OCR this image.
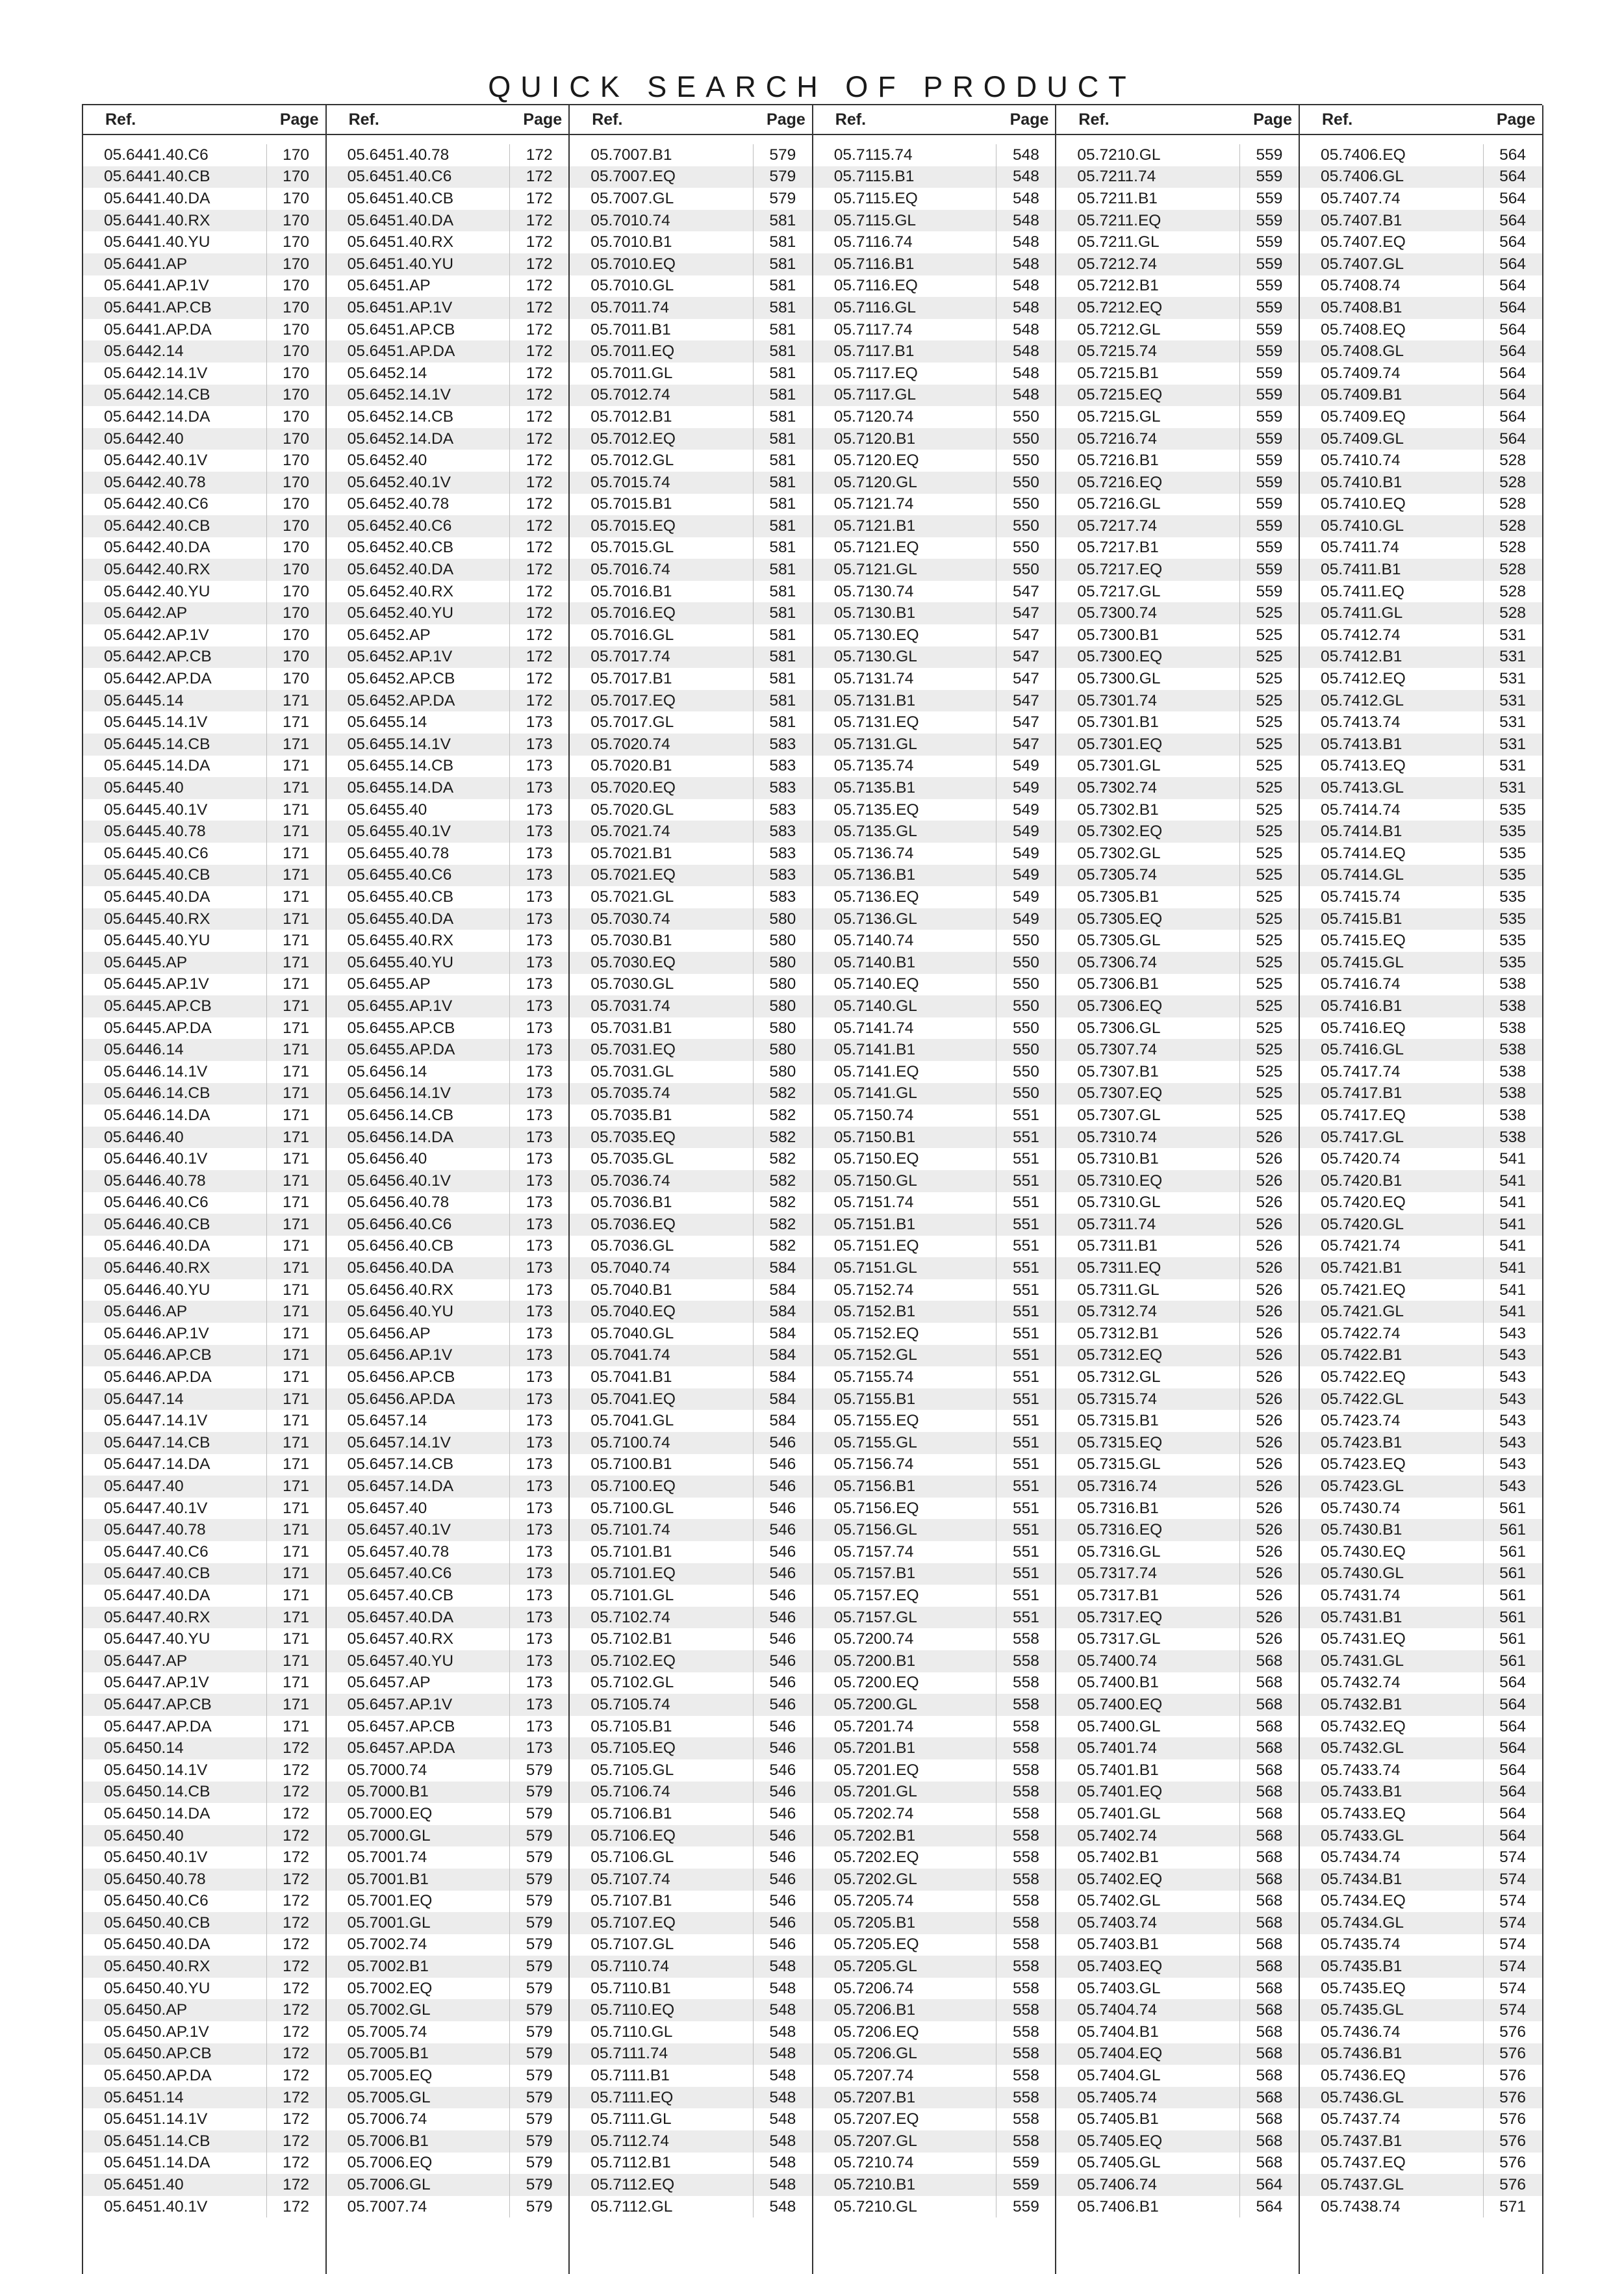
QUICK SEARCH OF PRODUCT
Ref.	Page
05.6441.40.C6	170
05.6441.40.CB	170
05.6441.40.DA	170
05.6441.40.RX	170
05.6441.40.YU	170
05.6441.AP	170
05.6441.AP.1V	170
05.6441.AP.CB	170
05.6441.AP.DA	170
05.6442.14	170
05.6442.14.1V	170
05.6442.14.CB	170
05.6442.14.DA	170
05.6442.40	170
05.6442.40.1V	170
05.6442.40.78	170
05.6442.40.C6	170
05.6442.40.CB	170
05.6442.40.DA	170
05.6442.40.RX	170
05.6442.40.YU	170
05.6442.AP	170
05.6442.AP.1V	170
05.6442.AP.CB	170
05.6442.AP.DA	170
05.6445.14	171
05.6445.14.1V	171
05.6445.14.CB	171
05.6445.14.DA	171
05.6445.40	171
05.6445.40.1V	171
05.6445.40.78	171
05.6445.40.C6	171
05.6445.40.CB	171
05.6445.40.DA	171
05.6445.40.RX	171
05.6445.40.YU	171
05.6445.AP	171
05.6445.AP.1V	171
05.6445.AP.CB	171
05.6445.AP.DA	171
05.6446.14	171
05.6446.14.1V	171
05.6446.14.CB	171
05.6446.14.DA	171
05.6446.40	171
05.6446.40.1V	171
05.6446.40.78	171
05.6446.40.C6	171
05.6446.40.CB	171
05.6446.40.DA	171
05.6446.40.RX	171
05.6446.40.YU	171
05.6446.AP	171
05.6446.AP.1V	171
05.6446.AP.CB	171
05.6446.AP.DA	171
05.6447.14	171
05.6447.14.1V	171
05.6447.14.CB	171
05.6447.14.DA	171
05.6447.40	171
05.6447.40.1V	171
05.6447.40.78	171
05.6447.40.C6	171
05.6447.40.CB	171
05.6447.40.DA	171
05.6447.40.RX	171
05.6447.40.YU	171
05.6447.AP	171
05.6447.AP.1V	171
05.6447.AP.CB	171
05.6447.AP.DA	171
05.6450.14	172
05.6450.14.1V	172
05.6450.14.CB	172
05.6450.14.DA	172
05.6450.40	172
05.6450.40.1V	172
05.6450.40.78	172
05.6450.40.C6	172
05.6450.40.CB	172
05.6450.40.DA	172
05.6450.40.RX	172
05.6450.40.YU	172
05.6450.AP	172
05.6450.AP.1V	172
05.6450.AP.CB	172
05.6450.AP.DA	172
05.6451.14	172
05.6451.14.1V	172
05.6451.14.CB	172
05.6451.14.DA	172
05.6451.40	172
05.6451.40.1V	172
Ref.	Page
05.6451.40.78	172
05.6451.40.C6	172
05.6451.40.CB	172
05.6451.40.DA	172
05.6451.40.RX	172
05.6451.40.YU	172
05.6451.AP	172
05.6451.AP.1V	172
05.6451.AP.CB	172
05.6451.AP.DA	172
05.6452.14	172
05.6452.14.1V	172
05.6452.14.CB	172
05.6452.14.DA	172
05.6452.40	172
05.6452.40.1V	172
05.6452.40.78	172
05.6452.40.C6	172
05.6452.40.CB	172
05.6452.40.DA	172
05.6452.40.RX	172
05.6452.40.YU	172
05.6452.AP	172
05.6452.AP.1V	172
05.6452.AP.CB	172
05.6452.AP.DA	172
05.6455.14	173
05.6455.14.1V	173
05.6455.14.CB	173
05.6455.14.DA	173
05.6455.40	173
05.6455.40.1V	173
05.6455.40.78	173
05.6455.40.C6	173
05.6455.40.CB	173
05.6455.40.DA	173
05.6455.40.RX	173
05.6455.40.YU	173
05.6455.AP	173
05.6455.AP.1V	173
05.6455.AP.CB	173
05.6455.AP.DA	173
05.6456.14	173
05.6456.14.1V	173
05.6456.14.CB	173
05.6456.14.DA	173
05.6456.40	173
05.6456.40.1V	173
05.6456.40.78	173
05.6456.40.C6	173
05.6456.40.CB	173
05.6456.40.DA	173
05.6456.40.RX	173
05.6456.40.YU	173
05.6456.AP	173
05.6456.AP.1V	173
05.6456.AP.CB	173
05.6456.AP.DA	173
05.6457.14	173
05.6457.14.1V	173
05.6457.14.CB	173
05.6457.14.DA	173
05.6457.40	173
05.6457.40.1V	173
05.6457.40.78	173
05.6457.40.C6	173
05.6457.40.CB	173
05.6457.40.DA	173
05.6457.40.RX	173
05.6457.40.YU	173
05.6457.AP	173
05.6457.AP.1V	173
05.6457.AP.CB	173
05.6457.AP.DA	173
05.7000.74	579
05.7000.B1	579
05.7000.EQ	579
05.7000.GL	579
05.7001.74	579
05.7001.B1	579
05.7001.EQ	579
05.7001.GL	579
05.7002.74	579
05.7002.B1	579
05.7002.EQ	579
05.7002.GL	579
05.7005.74	579
05.7005.B1	579
05.7005.EQ	579
05.7005.GL	579
05.7006.74	579
05.7006.B1	579
05.7006.EQ	579
05.7006.GL	579
05.7007.74	579
Ref.	Page
05.7007.B1	579
05.7007.EQ	579
05.7007.GL	579
05.7010.74	581
05.7010.B1	581
05.7010.EQ	581
05.7010.GL	581
05.7011.74	581
05.7011.B1	581
05.7011.EQ	581
05.7011.GL	581
05.7012.74	581
05.7012.B1	581
05.7012.EQ	581
05.7012.GL	581
05.7015.74	581
05.7015.B1	581
05.7015.EQ	581
05.7015.GL	581
05.7016.74	581
05.7016.B1	581
05.7016.EQ	581
05.7016.GL	581
05.7017.74	581
05.7017.B1	581
05.7017.EQ	581
05.7017.GL	581
05.7020.74	583
05.7020.B1	583
05.7020.EQ	583
05.7020.GL	583
05.7021.74	583
05.7021.B1	583
05.7021.EQ	583
05.7021.GL	583
05.7030.74	580
05.7030.B1	580
05.7030.EQ	580
05.7030.GL	580
05.7031.74	580
05.7031.B1	580
05.7031.EQ	580
05.7031.GL	580
05.7035.74	582
05.7035.B1	582
05.7035.EQ	582
05.7035.GL	582
05.7036.74	582
05.7036.B1	582
05.7036.EQ	582
05.7036.GL	582
05.7040.74	584
05.7040.B1	584
05.7040.EQ	584
05.7040.GL	584
05.7041.74	584
05.7041.B1	584
05.7041.EQ	584
05.7041.GL	584
05.7100.74	546
05.7100.B1	546
05.7100.EQ	546
05.7100.GL	546
05.7101.74	546
05.7101.B1	546
05.7101.EQ	546
05.7101.GL	546
05.7102.74	546
05.7102.B1	546
05.7102.EQ	546
05.7102.GL	546
05.7105.74	546
05.7105.B1	546
05.7105.EQ	546
05.7105.GL	546
05.7106.74	546
05.7106.B1	546
05.7106.EQ	546
05.7106.GL	546
05.7107.74	546
05.7107.B1	546
05.7107.EQ	546
05.7107.GL	546
05.7110.74	548
05.7110.B1	548
05.7110.EQ	548
05.7110.GL	548
05.7111.74	548
05.7111.B1	548
05.7111.EQ	548
05.7111.GL	548
05.7112.74	548
05.7112.B1	548
05.7112.EQ	548
05.7112.GL	548
Ref.	Page
05.7115.74	548
05.7115.B1	548
05.7115.EQ	548
05.7115.GL	548
05.7116.74	548
05.7116.B1	548
05.7116.EQ	548
05.7116.GL	548
05.7117.74	548
05.7117.B1	548
05.7117.EQ	548
05.7117.GL	548
05.7120.74	550
05.7120.B1	550
05.7120.EQ	550
05.7120.GL	550
05.7121.74	550
05.7121.B1	550
05.7121.EQ	550
05.7121.GL	550
05.7130.74	547
05.7130.B1	547
05.7130.EQ	547
05.7130.GL	547
05.7131.74	547
05.7131.B1	547
05.7131.EQ	547
05.7131.GL	547
05.7135.74	549
05.7135.B1	549
05.7135.EQ	549
05.7135.GL	549
05.7136.74	549
05.7136.B1	549
05.7136.EQ	549
05.7136.GL	549
05.7140.74	550
05.7140.B1	550
05.7140.EQ	550
05.7140.GL	550
05.7141.74	550
05.7141.B1	550
05.7141.EQ	550
05.7141.GL	550
05.7150.74	551
05.7150.B1	551
05.7150.EQ	551
05.7150.GL	551
05.7151.74	551
05.7151.B1	551
05.7151.EQ	551
05.7151.GL	551
05.7152.74	551
05.7152.B1	551
05.7152.EQ	551
05.7152.GL	551
05.7155.74	551
05.7155.B1	551
05.7155.EQ	551
05.7155.GL	551
05.7156.74	551
05.7156.B1	551
05.7156.EQ	551
05.7156.GL	551
05.7157.74	551
05.7157.B1	551
05.7157.EQ	551
05.7157.GL	551
05.7200.74	558
05.7200.B1	558
05.7200.EQ	558
05.7200.GL	558
05.7201.74	558
05.7201.B1	558
05.7201.EQ	558
05.7201.GL	558
05.7202.74	558
05.7202.B1	558
05.7202.EQ	558
05.7202.GL	558
05.7205.74	558
05.7205.B1	558
05.7205.EQ	558
05.7205.GL	558
05.7206.74	558
05.7206.B1	558
05.7206.EQ	558
05.7206.GL	558
05.7207.74	558
05.7207.B1	558
05.7207.EQ	558
05.7207.GL	558
05.7210.74	559
05.7210.B1	559
05.7210.GL	559
Ref.	Page
05.7210.GL	559
05.7211.74	559
05.7211.B1	559
05.7211.EQ	559
05.7211.GL	559
05.7212.74	559
05.7212.B1	559
05.7212.EQ	559
05.7212.GL	559
05.7215.74	559
05.7215.B1	559
05.7215.EQ	559
05.7215.GL	559
05.7216.74	559
05.7216.B1	559
05.7216.EQ	559
05.7216.GL	559
05.7217.74	559
05.7217.B1	559
05.7217.EQ	559
05.7217.GL	559
05.7300.74	525
05.7300.B1	525
05.7300.EQ	525
05.7300.GL	525
05.7301.74	525
05.7301.B1	525
05.7301.EQ	525
05.7301.GL	525
05.7302.74	525
05.7302.B1	525
05.7302.EQ	525
05.7302.GL	525
05.7305.74	525
05.7305.B1	525
05.7305.EQ	525
05.7305.GL	525
05.7306.74	525
05.7306.B1	525
05.7306.EQ	525
05.7306.GL	525
05.7307.74	525
05.7307.B1	525
05.7307.EQ	525
05.7307.GL	525
05.7310.74	526
05.7310.B1	526
05.7310.EQ	526
05.7310.GL	526
05.7311.74	526
05.7311.B1	526
05.7311.EQ	526
05.7311.GL	526
05.7312.74	526
05.7312.B1	526
05.7312.EQ	526
05.7312.GL	526
05.7315.74	526
05.7315.B1	526
05.7315.EQ	526
05.7315.GL	526
05.7316.74	526
05.7316.B1	526
05.7316.EQ	526
05.7316.GL	526
05.7317.74	526
05.7317.B1	526
05.7317.EQ	526
05.7317.GL	526
05.7400.74	568
05.7400.B1	568
05.7400.EQ	568
05.7400.GL	568
05.7401.74	568
05.7401.B1	568
05.7401.EQ	568
05.7401.GL	568
05.7402.74	568
05.7402.B1	568
05.7402.EQ	568
05.7402.GL	568
05.7403.74	568
05.7403.B1	568
05.7403.EQ	568
05.7403.GL	568
05.7404.74	568
05.7404.B1	568
05.7404.EQ	568
05.7404.GL	568
05.7405.74	568
05.7405.B1	568
05.7405.EQ	568
05.7405.GL	568
05.7406.74	564
05.7406.B1	564
Ref.	Page
05.7406.EQ	564
05.7406.GL	564
05.7407.74	564
05.7407.B1	564
05.7407.EQ	564
05.7407.GL	564
05.7408.74	564
05.7408.B1	564
05.7408.EQ	564
05.7408.GL	564
05.7409.74	564
05.7409.B1	564
05.7409.EQ	564
05.7409.GL	564
05.7410.74	528
05.7410.B1	528
05.7410.EQ	528
05.7410.GL	528
05.7411.74	528
05.7411.B1	528
05.7411.EQ	528
05.7411.GL	528
05.7412.74	531
05.7412.B1	531
05.7412.EQ	531
05.7412.GL	531
05.7413.74	531
05.7413.B1	531
05.7413.EQ	531
05.7413.GL	531
05.7414.74	535
05.7414.B1	535
05.7414.EQ	535
05.7414.GL	535
05.7415.74	535
05.7415.B1	535
05.7415.EQ	535
05.7415.GL	535
05.7416.74	538
05.7416.B1	538
05.7416.EQ	538
05.7416.GL	538
05.7417.74	538
05.7417.B1	538
05.7417.EQ	538
05.7417.GL	538
05.7420.74	541
05.7420.B1	541
05.7420.EQ	541
05.7420.GL	541
05.7421.74	541
05.7421.B1	541
05.7421.EQ	541
05.7421.GL	541
05.7422.74	543
05.7422.B1	543
05.7422.EQ	543
05.7422.GL	543
05.7423.74	543
05.7423.B1	543
05.7423.EQ	543
05.7423.GL	543
05.7430.74	561
05.7430.B1	561
05.7430.EQ	561
05.7430.GL	561
05.7431.74	561
05.7431.B1	561
05.7431.EQ	561
05.7431.GL	561
05.7432.74	564
05.7432.B1	564
05.7432.EQ	564
05.7432.GL	564
05.7433.74	564
05.7433.B1	564
05.7433.EQ	564
05.7433.GL	564
05.7434.74	574
05.7434.B1	574
05.7434.EQ	574
05.7434.GL	574
05.7435.74	574
05.7435.B1	574
05.7435.EQ	574
05.7435.GL	574
05.7436.74	576
05.7436.B1	576
05.7436.EQ	576
05.7436.GL	576
05.7437.74	576
05.7437.B1	576
05.7437.EQ	576
05.7437.GL	576
05.7438.74	571
